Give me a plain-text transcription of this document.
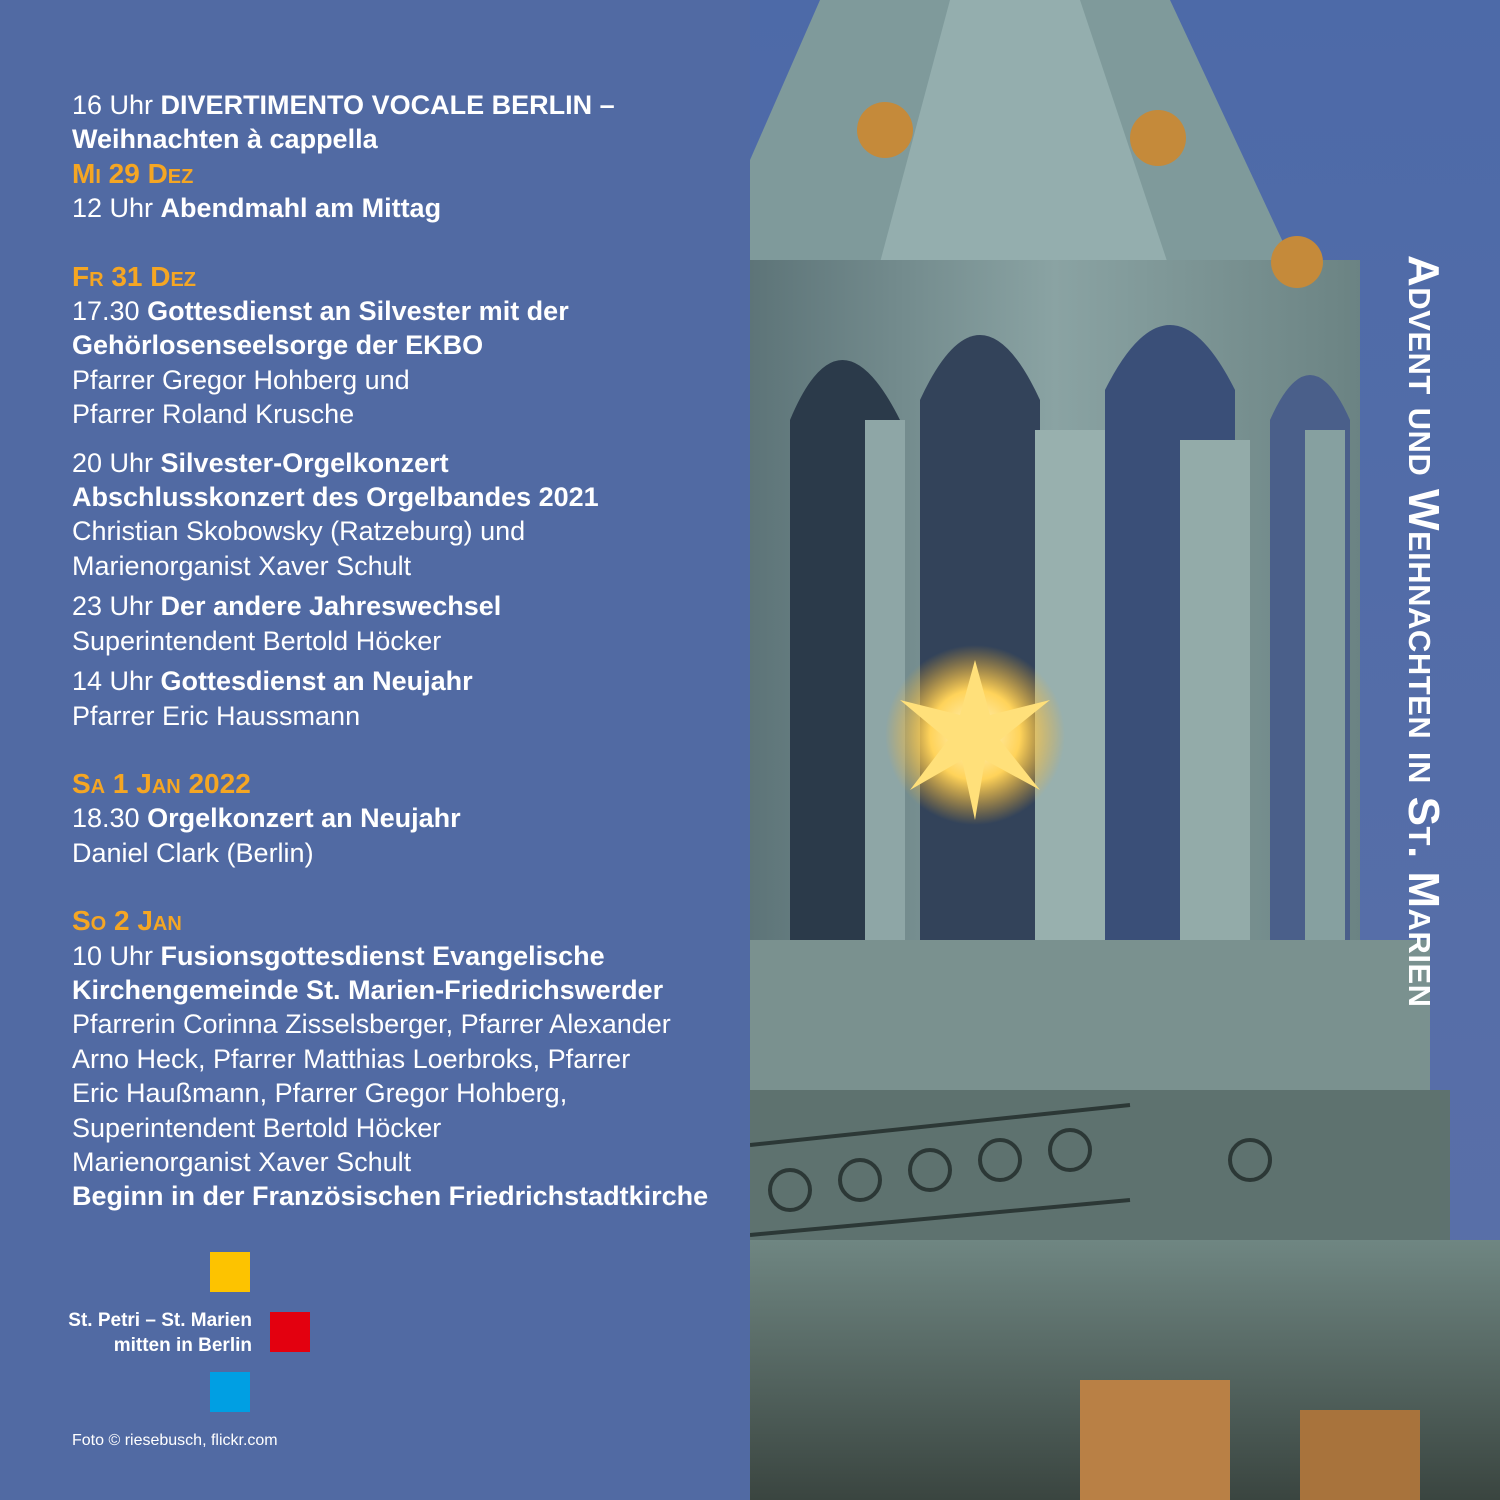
16 Uhr DIVERTIMENTO VOCALE BERLIN –
Weihnachten à cappella
Mi 29 Dez
12 Uhr Abendmahl am Mittag
Fr 31 Dez
17.30 Gottesdienst an Silvester mit der
Gehörlosenseelsorge der EKBO
Pfarrer Gregor Hohberg und
Pfarrer Roland Krusche
20 Uhr Silvester-Orgelkonzert
Abschlusskonzert des Orgelbandes 2021
Christian Skobowsky (Ratzeburg) und
Marienorganist Xaver Schult
23 Uhr Der andere Jahreswechsel
Superintendent Bertold Höcker
14 Uhr Gottesdienst an Neujahr
Pfarrer Eric Haussmann
Sa 1 Jan 2022
18.30 Orgelkonzert an Neujahr
Daniel Clark (Berlin)
So 2 Jan
10 Uhr Fusionsgottesdienst Evangelische
Kirchengemeinde St. Marien-Friedrichswerder
Pfarrerin Corinna Zisselsberger, Pfarrer Alexander
Arno Heck, Pfarrer Matthias Loerbroks, Pfarrer
Eric Haußmann, Pfarrer Gregor Hohberg,
Superintendent Bertold Höcker
Marienorganist Xaver Schult
Beginn in der Französischen Friedrichstadtkirche
St. Petri – St. Marien
mitten in Berlin
Foto © riesebusch, flickr.com
Advent und Weihnachten in St. Marien
